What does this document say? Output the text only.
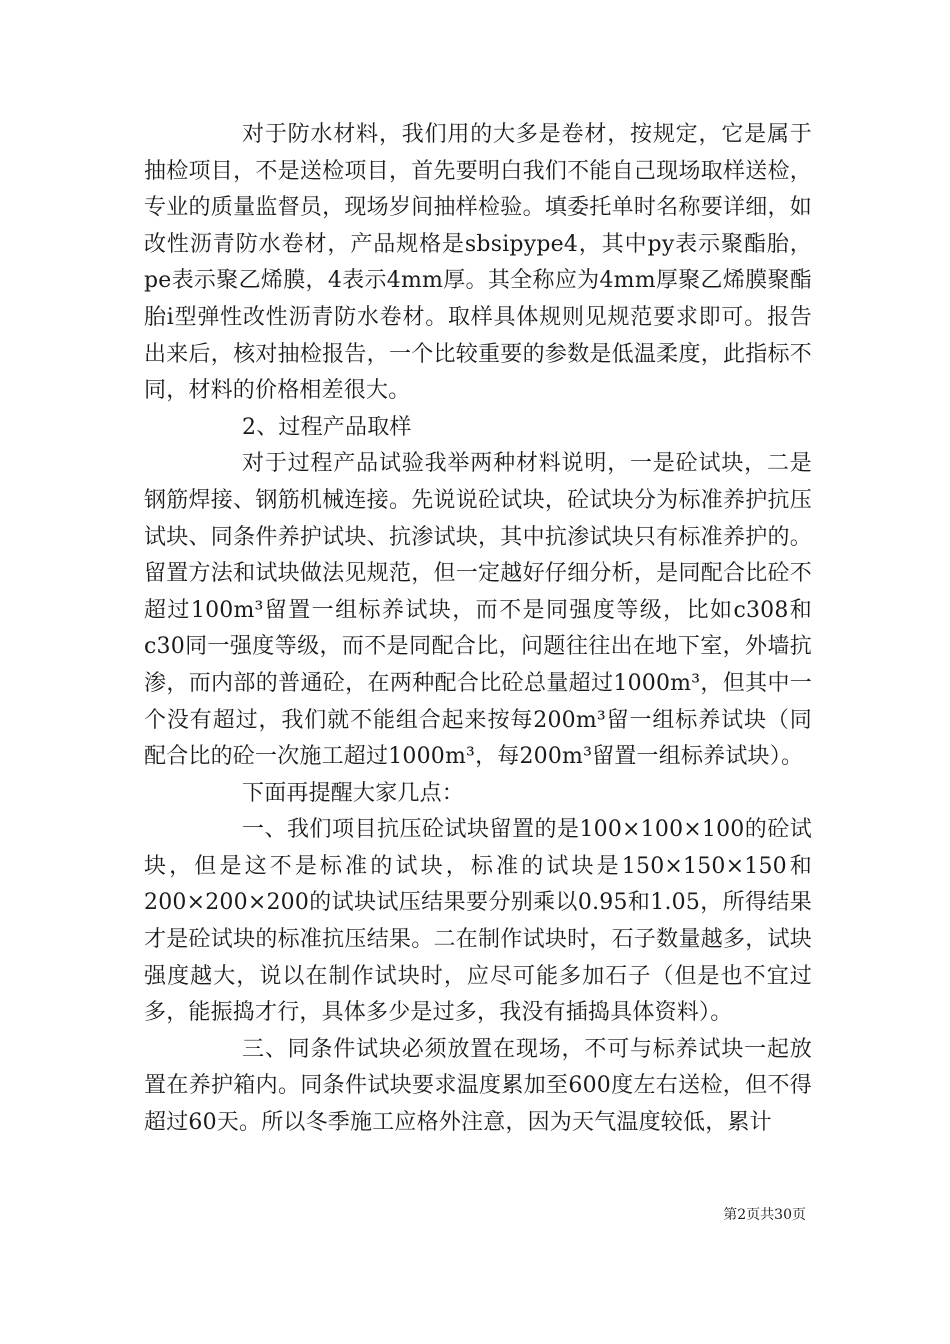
对于防水材料，我们用的大多是卷材，按规定，它是属于抽检项目，不是送检项目，首先要明白我们不能自己现场取样送检，专业的质量监督员，现场岁间抽样检验。填委托单时名称要详细，如改性沥青防水卷材，产品规格是sbsipype4，其中py表示聚酯胎，pe表示聚乙烯膜，4表示4mm厚。其全称应为4mm厚聚乙烯膜聚酯胎i型弹性改性沥青防水卷材。取样具体规则见规范要求即可。报告出来后，核对抽检报告，一个比较重要的参数是低温柔度，此指标不同，材料的价格相差很大。

2、过程产品取样

对于过程产品试验我举两种材料说明，一是砼试块，二是钢筋焊接、钢筋机械连接。先说说砼试块，砼试块分为标准养护抗压试块、同条件养护试块、抗渗试块，其中抗渗试块只有标准养护的。留置方法和试块做法见规范，但一定越好仔细分析，是同配合比砼不超过100m³留置一组标养试块，而不是同强度等级，比如c308和c30同一强度等级，而不是同配合比，问题往往出在地下室，外墙抗渗，而内部的普通砼，在两种配合比砼总量超过1000m³，但其中一个没有超过，我们就不能组合起来按每200m³留一组标养试块（同配合比的砼一次施工超过1000m³，每200m³留置一组标养试块）。

下面再提醒大家几点：

一、我们项目抗压砼试块留置的是100×100×100的砼试块，但是这不是标准的试块，标准的试块是150×150×150和200×200×200的试块试压结果要分别乘以0.95和1.05，所得结果才是砼试块的标准抗压结果。二在制作试块时，石子数量越多，试块强度越大，说以在制作试块时，应尽可能多加石子（但是也不宜过多，能振捣才行，具体多少是过多，我没有插捣具体资料）。

三、同条件试块必须放置在现场，不可与标养试块一起放置在养护箱内。同条件试块要求温度累加至600度左右送检，但不得超过60天。所以冬季施工应格外注意，因为天气温度较低，累计

第2页共30页
